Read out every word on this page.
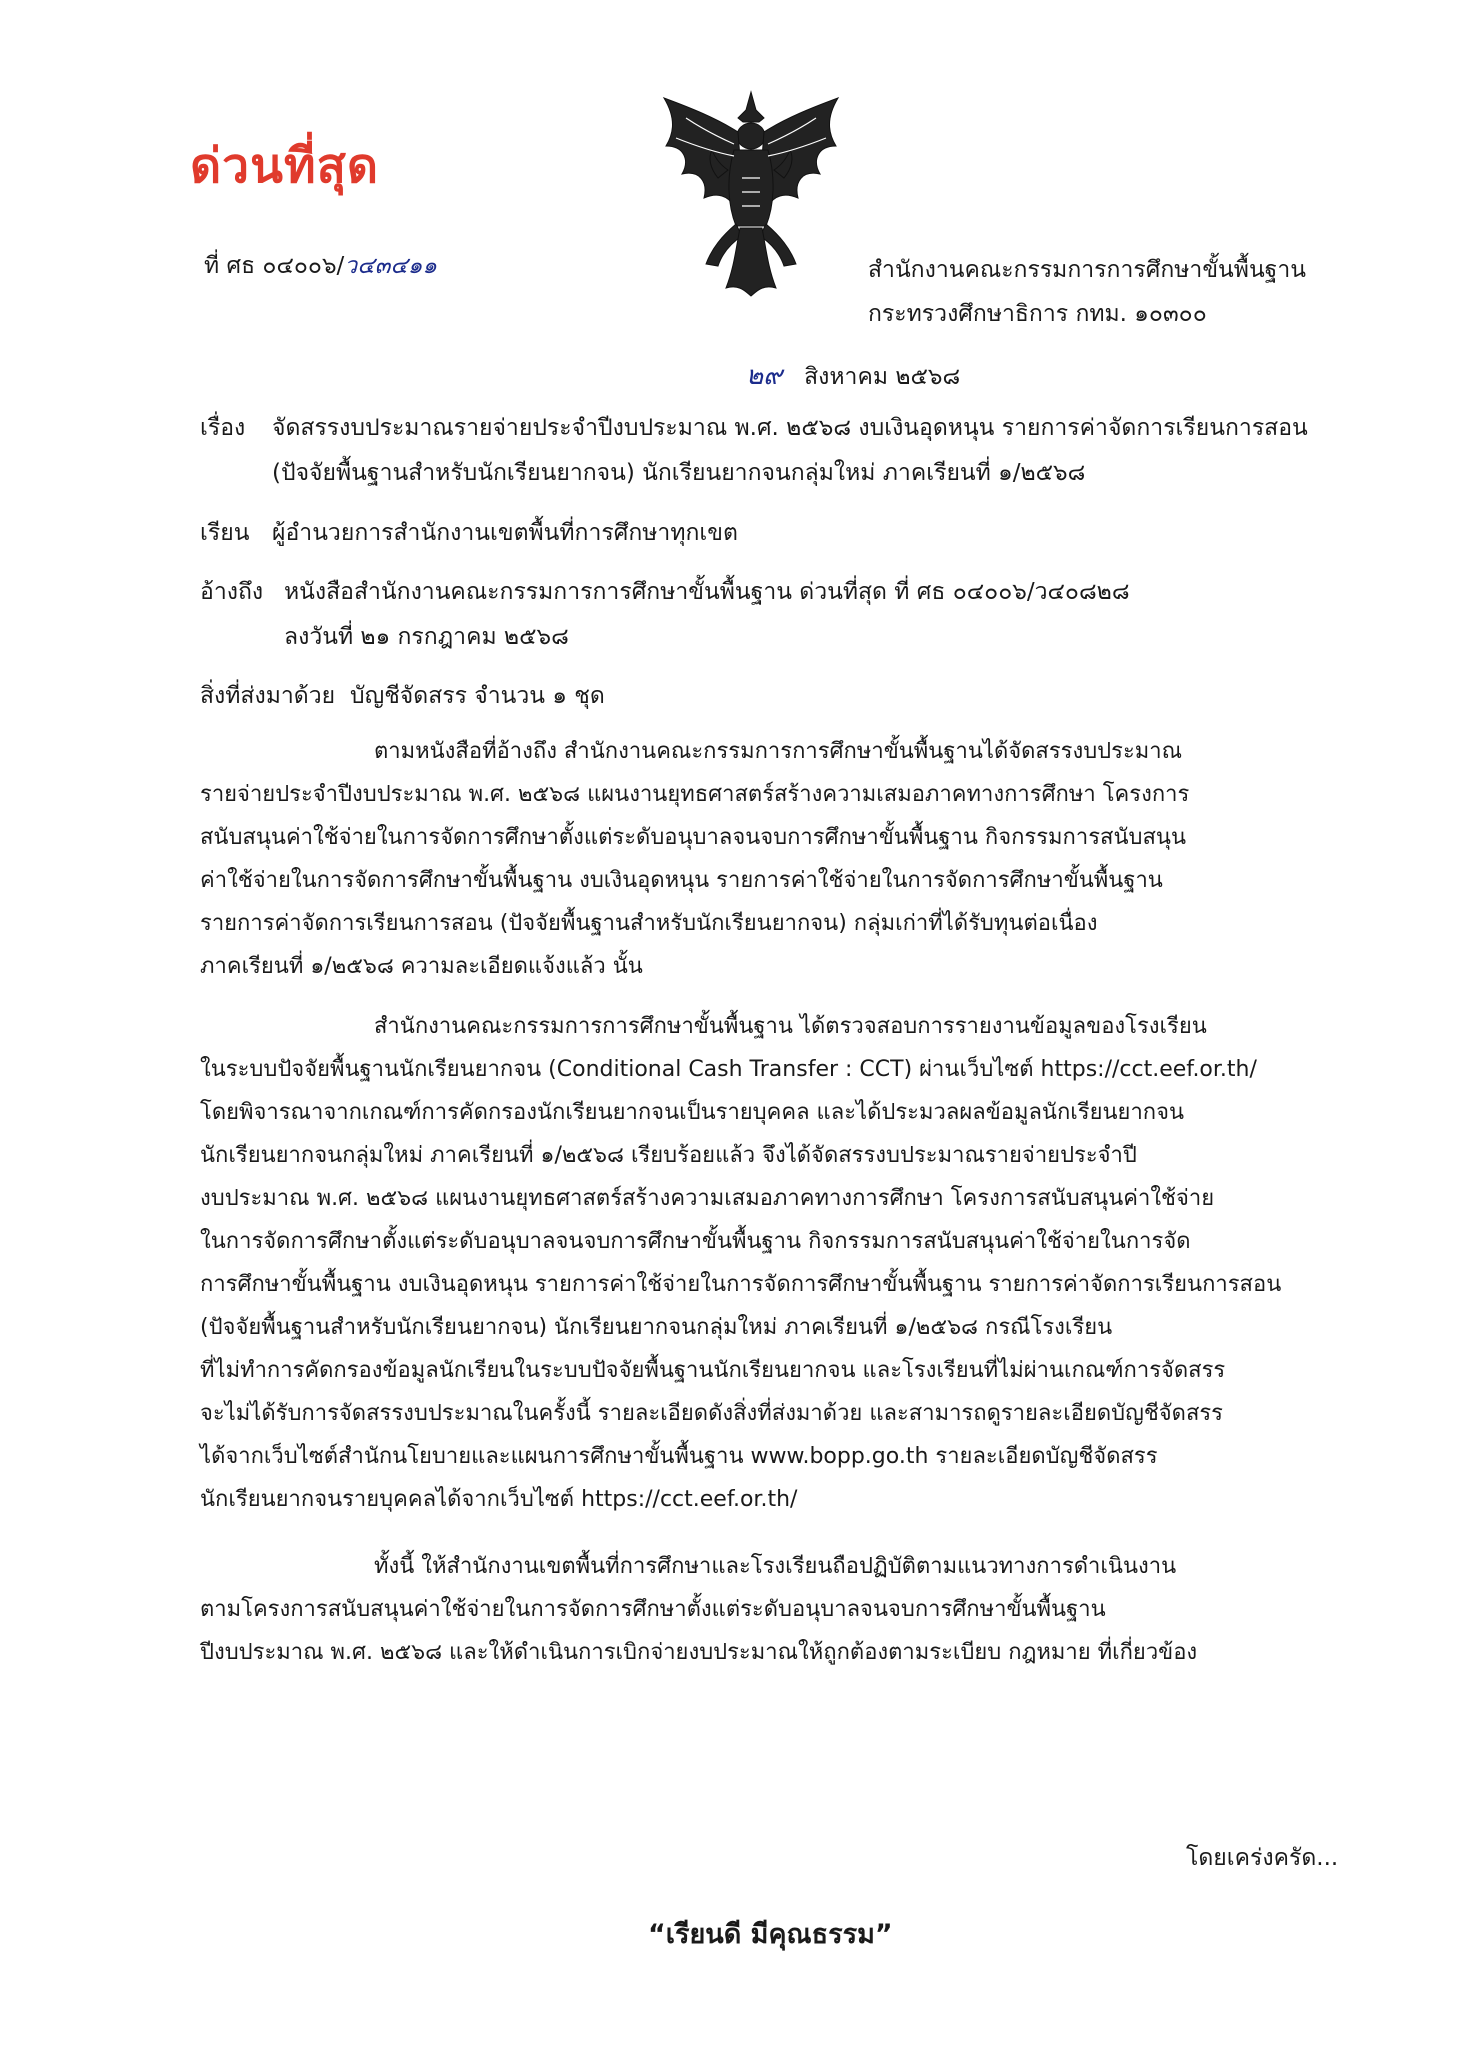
ด่วนที่สุด
ที่ ศธ ๐๔๐๐๖/ว๔๓๔๑๑	สำนักงานคณะกรรมการการศึกษาขั้นพื้นฐาน
กระทรวงศึกษาธิการ กทม. ๑๐๓๐๐
๒๙ สิงหาคม ๒๕๖๘
เรื่อง จัดสรรงบประมาณรายจ่ายประจำปีงบประมาณ พ.ศ. ๒๕๖๘ งบเงินอุดหนุน รายการค่าจัดการเรียนการสอน
(ปัจจัยพื้นฐานสำหรับนักเรียนยากจน) นักเรียนยากจนกลุ่มใหม่ ภาคเรียนที่ ๑/๒๕๖๘
เรียน ผู้อำนวยการสำนักงานเขตพื้นที่การศึกษาทุกเขต
อ้างถึง หนังสือสำนักงานคณะกรรมการการศึกษาขั้นพื้นฐาน ด่วนที่สุด ที่ ศธ ๐๔๐๐๖/ว๔๐๘๒๘
ลงวันที่ ๒๑ กรกฎาคม ๒๕๖๘
สิ่งที่ส่งมาด้วย บัญชีจัดสรร จำนวน ๑ ชุด
ตามหนังสือที่อ้างถึง สำนักงานคณะกรรมการการศึกษาขั้นพื้นฐานได้จัดสรรงบประมาณ
รายจ่ายประจำปีงบประมาณ พ.ศ. ๒๕๖๘ แผนงานยุทธศาสตร์สร้างความเสมอภาคทางการศึกษา โครงการ
สนับสนุนค่าใช้จ่ายในการจัดการศึกษาตั้งแต่ระดับอนุบาลจนจบการศึกษาขั้นพื้นฐาน กิจกรรมการสนับสนุน
ค่าใช้จ่ายในการจัดการศึกษาขั้นพื้นฐาน งบเงินอุดหนุน รายการค่าใช้จ่ายในการจัดการศึกษาขั้นพื้นฐาน
รายการค่าจัดการเรียนการสอน (ปัจจัยพื้นฐานสำหรับนักเรียนยากจน) กลุ่มเก่าที่ได้รับทุนต่อเนื่อง
ภาคเรียนที่ ๑/๒๕๖๘ ความละเอียดแจ้งแล้ว นั้น
สำนักงานคณะกรรมการการศึกษาขั้นพื้นฐาน ได้ตรวจสอบการรายงานข้อมูลของโรงเรียน
ในระบบปัจจัยพื้นฐานนักเรียนยากจน (Conditional Cash Transfer : CCT) ผ่านเว็บไซต์ https://cct.eef.or.th/
โดยพิจารณาจากเกณฑ์การคัดกรองนักเรียนยากจนเป็นรายบุคคล และได้ประมวลผลข้อมูลนักเรียนยากจน
นักเรียนยากจนกลุ่มใหม่ ภาคเรียนที่ ๑/๒๕๖๘ เรียบร้อยแล้ว จึงได้จัดสรรงบประมาณรายจ่ายประจำปี
งบประมาณ พ.ศ. ๒๕๖๘ แผนงานยุทธศาสตร์สร้างความเสมอภาคทางการศึกษา โครงการสนับสนุนค่าใช้จ่าย
ในการจัดการศึกษาตั้งแต่ระดับอนุบาลจนจบการศึกษาขั้นพื้นฐาน กิจกรรมการสนับสนุนค่าใช้จ่ายในการจัด
การศึกษาขั้นพื้นฐาน งบเงินอุดหนุน รายการค่าใช้จ่ายในการจัดการศึกษาขั้นพื้นฐาน รายการค่าจัดการเรียนการสอน
(ปัจจัยพื้นฐานสำหรับนักเรียนยากจน) นักเรียนยากจนกลุ่มใหม่ ภาคเรียนที่ ๑/๒๕๖๘ กรณีโรงเรียน
ที่ไม่ทำการคัดกรองข้อมูลนักเรียนในระบบปัจจัยพื้นฐานนักเรียนยากจน และโรงเรียนที่ไม่ผ่านเกณฑ์การจัดสรร
จะไม่ได้รับการจัดสรรงบประมาณในครั้งนี้ รายละเอียดดังสิ่งที่ส่งมาด้วย และสามารถดูรายละเอียดบัญชีจัดสรร
ได้จากเว็บไซต์สำนักนโยบายและแผนการศึกษาขั้นพื้นฐาน www.bopp.go.th รายละเอียดบัญชีจัดสรร
นักเรียนยากจนรายบุคคลได้จากเว็บไซต์ https://cct.eef.or.th/
ทั้งนี้ ให้สำนักงานเขตพื้นที่การศึกษาและโรงเรียนถือปฏิบัติตามแนวทางการดำเนินงาน
ตามโครงการสนับสนุนค่าใช้จ่ายในการจัดการศึกษาตั้งแต่ระดับอนุบาลจนจบการศึกษาขั้นพื้นฐาน
ปีงบประมาณ พ.ศ. ๒๕๖๘ และให้ดำเนินการเบิกจ่ายงบประมาณให้ถูกต้องตามระเบียบ กฎหมาย ที่เกี่ยวข้อง
โดยเคร่งครัด...
“เรียนดี มีคุณธรรม”
